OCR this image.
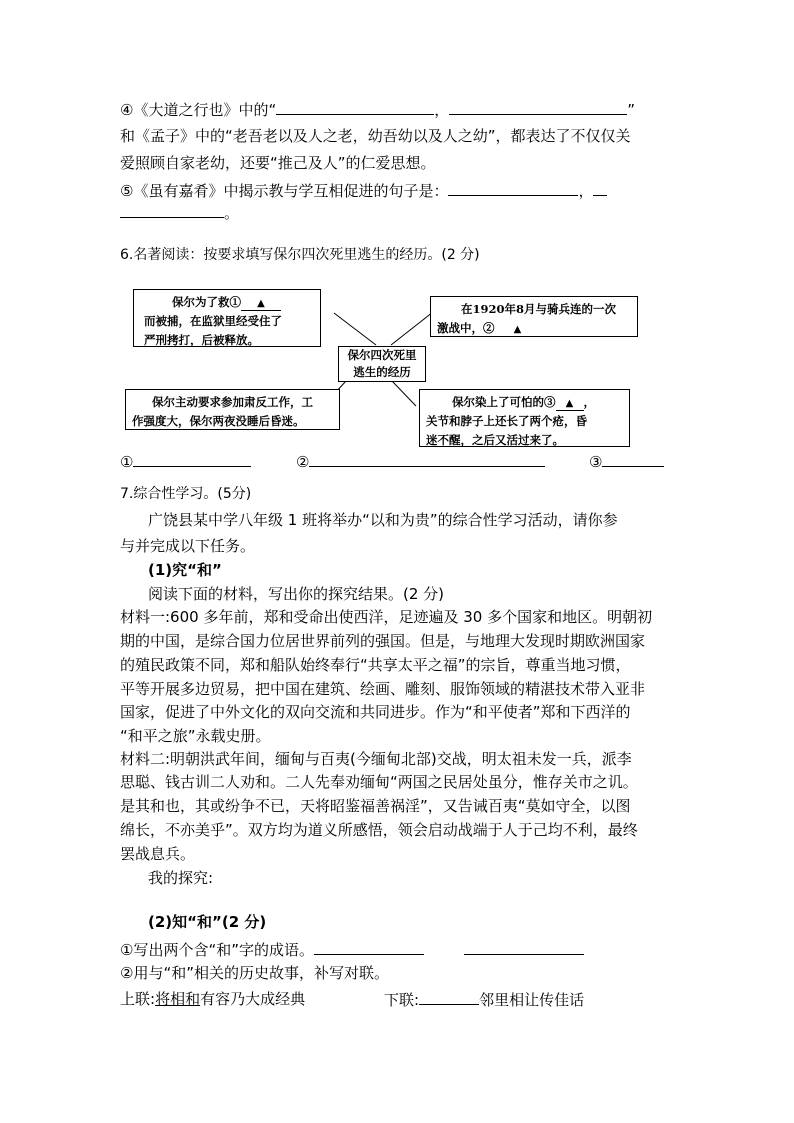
④《大道之行也》中的“	，	”
和《孟子》中的“老吾老以及人之老，幼吾幼以及人之幼”，都表达了不仅仅关
爱照顾自家老幼，还要“推己及人”的仁爱思想。
⑤《虽有嘉肴》中揭示教与学互相促进的句子是：	，
。
6.名著阅读：按要求填写保尔四次死里逃生的经历。(2 分)
保尔为了救① ▲
而被捕，在监狱里经受住了
严刑拷打，后被释放。
在1920年8月与骑兵连的一次
激战中，② ▲
保尔四次死里
逃生的经历
保尔主动要求参加肃反工作，工
作强度大，保尔两夜没睡后昏迷。
保尔染上了可怕的③ ▲ ，
关节和脖子上还长了两个疮，昏
迷不醒，之后又活过来了。
①	②	③
7.综合性学习。(5分)
广饶县某中学八年级 1 班将举办“以和为贵”的综合性学习活动，请你参
与并完成以下任务。
(1)究“和”
阅读下面的材料，写出你的探究结果。(2 分)
材料一:600 多年前，郑和受命出使西洋，足迹遍及 30 多个国家和地区。明朝初
期的中国，是综合国力位居世界前列的强国。但是，与地理大发现时期欧洲国家
的殖民政策不同，郑和船队始终奉行“共享太平之福”的宗旨，尊重当地习惯，
平等开展多边贸易，把中国在建筑、绘画、雕刻、服饰领域的精湛技术带入亚非
国家，促进了中外文化的双向交流和共同进步。作为“和平使者”郑和下西洋的
“和平之旅”永载史册。
材料二:明朝洪武年间，缅甸与百夷(今缅甸北部)交战，明太祖未发一兵，派李
思聪、钱古训二人劝和。二人先奉劝缅甸“两国之民居处虽分，惟存关市之讥。
是其和也，其或纷争不已，天将昭鉴福善祸淫”，又告诫百夷“莫如守全，以图
绵长，不亦美乎”。双方均为道义所感悟，领会启动战端于人于己均不利，最终
罢战息兵。
我的探究:
(2)知“和”(2 分)
①写出两个含“和”字的成语。
②用与“和”相关的历史故事，补写对联。
上联:将相和有容乃大成经典	下联:	邻里相让传佳话
